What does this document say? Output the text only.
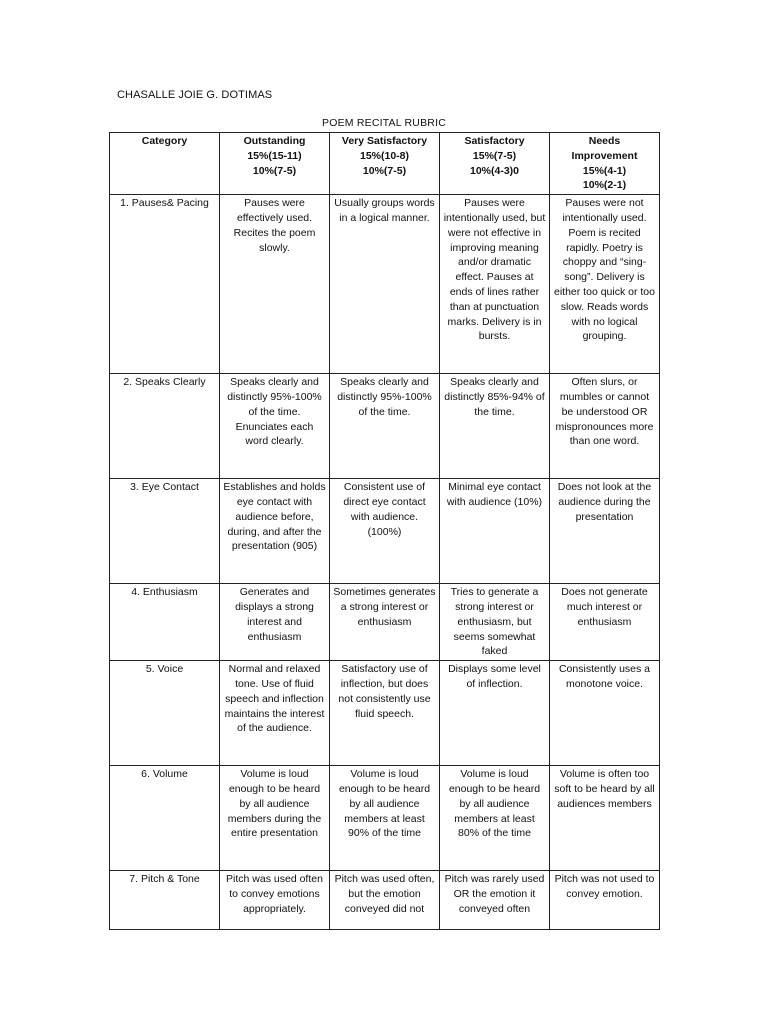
CHASALLE JOIE G. DOTIMAS
POEM RECITAL RUBRIC
Category	Outstanding
15%(15-11)
10%(7-5)	Very Satisfactory
15%(10-8)
10%(7-5)	Satisfactory
15%(7-5)
10%(4-3)0	Needs
Improvement
15%(4-1)
10%(2-1)

1. Pauses& Pacing	Pauses were effectively used. Recites the poem slowly.	Usually groups words in a logical manner.	Pauses were intentionally used, but were not effective in improving meaning and/or dramatic effect. Pauses at ends of lines rather than at punctuation marks. Delivery is in bursts.	Pauses were not intentionally used. Poem is recited rapidly. Poetry is choppy and “sing-song”. Delivery is either too quick or too slow. Reads words with no logical grouping.
2. Speaks Clearly	Speaks clearly and distinctly 95%-100% of the time. Enunciates each word clearly.	Speaks clearly and distinctly 95%-100% of the time.	Speaks clearly and distinctly 85%-94% of the time.	Often slurs, or mumbles or cannot be understood OR mispronounces more than one word.
3. Eye Contact	Establishes and holds eye contact with audience before, during, and after the presentation (905)	Consistent use of direct eye contact with audience. (100%)	Minimal eye contact with audience (10%)	Does not look at the audience during the presentation
4. Enthusiasm	Generates and displays a strong interest and enthusiasm	Sometimes generates a strong interest or enthusiasm	Tries to generate a strong interest or enthusiasm, but seems somewhat faked	Does not generate much interest or enthusiasm
5. Voice	Normal and relaxed tone. Use of fluid speech and inflection maintains the interest of the audience.	Satisfactory use of inflection, but does not consistently use fluid speech.	Displays some level of inflection.	Consistently uses a monotone voice.
6. Volume	Volume is loud enough to be heard by all audience members during the entire presentation	Volume is loud enough to be heard by all audience members at least 90% of the time	Volume is loud enough to be heard by all audience members at least 80% of the time	Volume is often too soft to be heard by all audiences members

7. Pitch & Tone	Pitch was used often to convey emotions appropriately.	Pitch was used often, but the emotion conveyed did not	Pitch was rarely used OR the emotion it conveyed often	Pitch was not used to convey emotion.
